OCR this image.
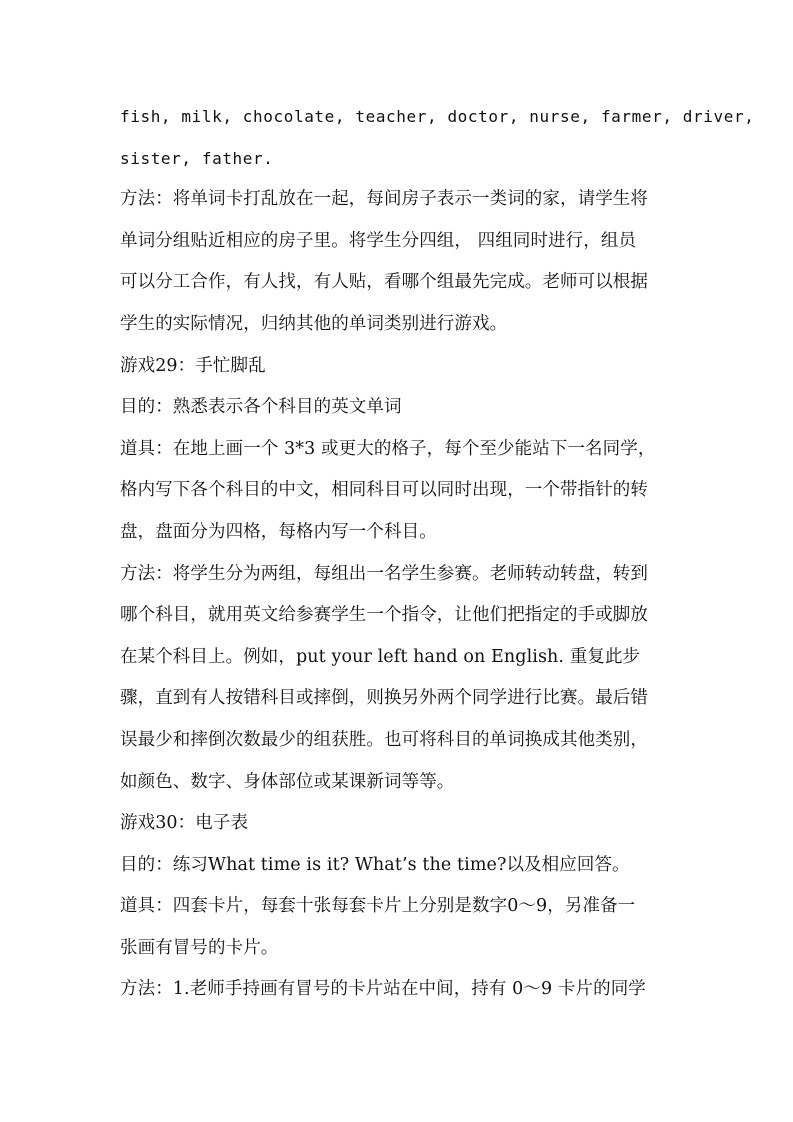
fish, milk, chocolate, teacher, doctor, nurse, farmer, driver,
sister, father.
方法：将单词卡打乱放在一起，每间房子表示一类词的家，请学生将
单词分组贴近相应的房子里。将学生分四组， 四组同时进行，组员
可以分工合作，有人找，有人贴，看哪个组最先完成。老师可以根据
学生的实际情况，归纳其他的单词类别进行游戏。
游戏29：手忙脚乱
目的：熟悉表示各个科目的英文单词
道具：在地上画一个 3*3 或更大的格子，每个至少能站下一名同学，
格内写下各个科目的中文，相同科目可以同时出现，一个带指针的转
盘，盘面分为四格，每格内写一个科目。
方法：将学生分为两组，每组出一名学生参赛。老师转动转盘，转到
哪个科目，就用英文给参赛学生一个指令，让他们把指定的手或脚放
在某个科目上。例如，put your left hand on English. 重复此步
骤，直到有人按错科目或摔倒，则换另外两个同学进行比赛。最后错
误最少和摔倒次数最少的组获胜。也可将科目的单词换成其他类别，
如颜色、数字、身体部位或某课新词等等。
游戏30：电子表
目的：练习What time is it? What’s the time?以及相应回答。
道具：四套卡片，每套十张每套卡片上分别是数字0～9，另准备一
张画有冒号的卡片。
方法：1.老师手持画有冒号的卡片站在中间，持有 0～9 卡片的同学
